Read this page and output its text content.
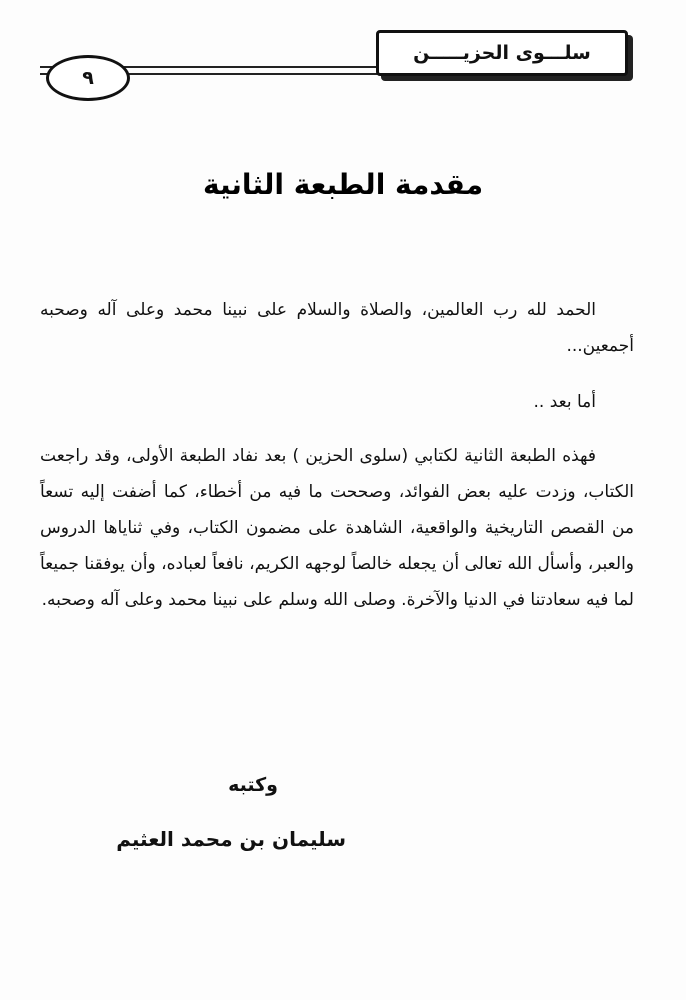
سلـــوى الحزيـــــن
٩
مقدمة الطبعة الثانية

الحمد لله رب العالمين، والصلاة والسلام على نبينا محمد وعلى آله وصحبه أجمعين...

أما بعد ..

فهذه الطبعة الثانية لكتابي (سلوى الحزين ) بعد نفاد الطبعة الأولى، وقد راجعت الكتاب، وزدت عليه بعض الفوائد، وصححت ما فيه من أخطاء، كما أضفت إليه تسعاً من القصص التاريخية والواقعية، الشاهدة على مضمون الكتاب، وفي ثناياها الدروس والعبر، وأسأل الله تعالى أن يجعله خالصاً لوجهه الكريم، نافعاً لعباده، وأن يوفقنا جميعاً لما فيه سعادتنا في الدنيا والآخرة. وصلى الله وسلم على نبينا محمد وعلى آله وصحبه.

وكتبه
سليمان بن محمد العثيم
